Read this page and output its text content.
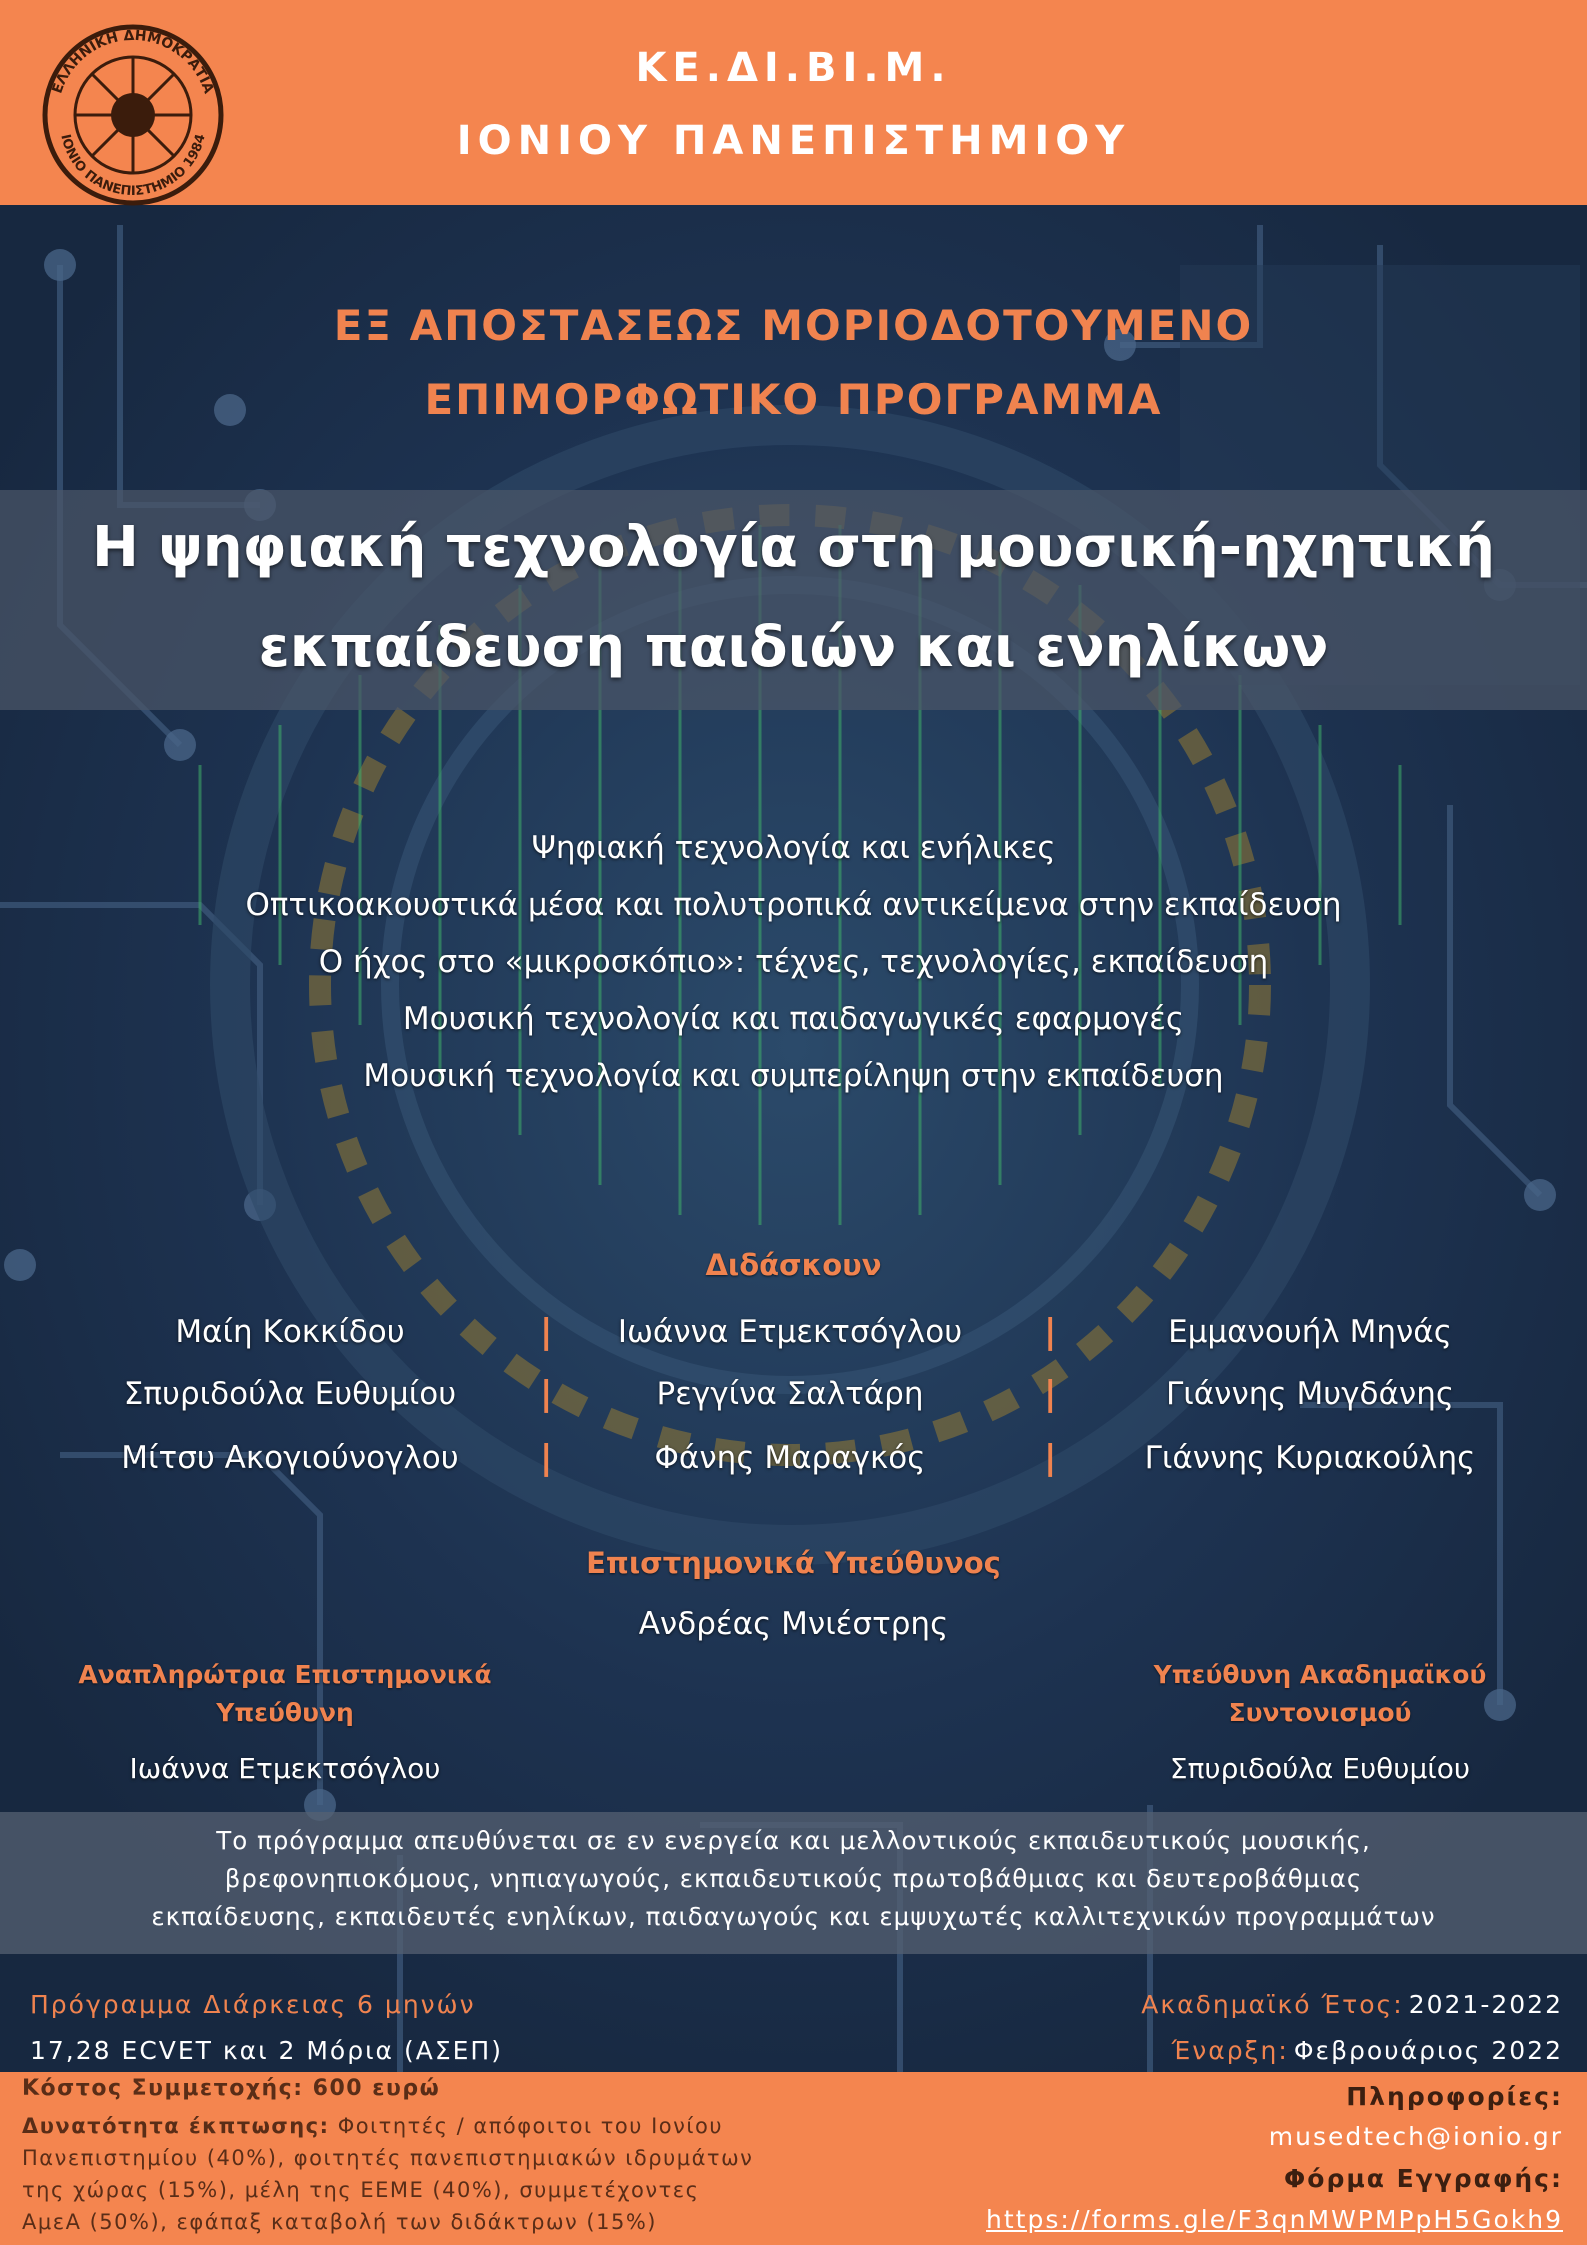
ΕΛΛΗΝΙΚΗ ΔΗΜΟΚΡΑΤΙΑ
ΙΟΝΙΟ ΠΑΝΕΠΙΣΤΗΜΙΟ 1984
ΚΕ.ΔΙ.ΒΙ.Μ.
ΙΟΝΙΟΥ ΠΑΝΕΠΙΣΤΗΜΙΟΥ
ΕΞ ΑΠΟΣΤΑΣΕΩΣ ΜΟΡΙΟΔΟΤΟΥΜΕΝΟ
ΕΠΙΜΟΡΦΩΤΙΚΟ ΠΡΟΓΡΑΜΜΑ
Η ψηφιακή τεχνολογία στη μουσική-ηχητική
εκπαίδευση παιδιών και ενηλίκων
Ψηφιακή τεχνολογία και ενήλικες
Οπτικοακουστικά μέσα και πολυτροπικά αντικείμενα στην εκπαίδευση
Ο ήχος στο «μικροσκόπιο»: τέχνες, τεχνολογίες, εκπαίδευση
Μουσική τεχνολογία και παιδαγωγικές εφαρμογές
Μουσική τεχνολογία και συμπερίληψη στην εκπαίδευση
Διδάσκουν
Μαίη Κοκκίδου	|	Ιωάννα Ετμεκτσόγλου	|	Εμμανουήλ Μηνάς
Σπυριδούλα Ευθυμίου	|	Ρεγγίνα Σαλτάρη	|	Γιάννης Μυγδάνης
Μίτσυ Ακογιούνογλου	|	Φάνης Μαραγκός	|	Γιάννης Κυριακούλης
Επιστημονικά Υπεύθυνος
Ανδρέας Μνιέστρης
Αναπληρώτρια Επιστημονικά
Υπεύθυνη
Ιωάννα Ετμεκτσόγλου
Υπεύθυνη Ακαδημαϊκού
Συντονισμού
Σπυριδούλα Ευθυμίου
Το πρόγραμμα απευθύνεται σε εν ενεργεία και μελλοντικούς εκπαιδευτικούς μουσικής,
βρεφονηπιοκόμους, νηπιαγωγούς, εκπαιδευτικούς πρωτοβάθμιας και δευτεροβάθμιας
εκπαίδευσης, εκπαιδευτές ενηλίκων, παιδαγωγούς και εμψυχωτές καλλιτεχνικών προγραμμάτων
Πρόγραμμα Διάρκειας 6 μηνών
17,28 ECVET και 2 Μόρια (ΑΣΕΠ)
Ακαδημαϊκό Έτος: 2021-2022
Έναρξη: Φεβρουάριος 2022
Κόστος Συμμετοχής: 600 ευρώ
Δυνατότητα έκπτωσης: Φοιτητές / απόφοιτοι του Ιονίου
Πανεπιστημίου (40%), φοιτητές πανεπιστημιακών ιδρυμάτων
της χώρας (15%), μέλη της ΕΕΜΕ (40%), συμμετέχοντες
ΑμεΑ (50%), εφάπαξ καταβολή των διδάκτρων (15%)
Πληροφορίες:
musedtech@ionio.gr
Φόρμα Εγγραφής:
https://forms.gle/F3qnMWPMPpH5Gokh9
